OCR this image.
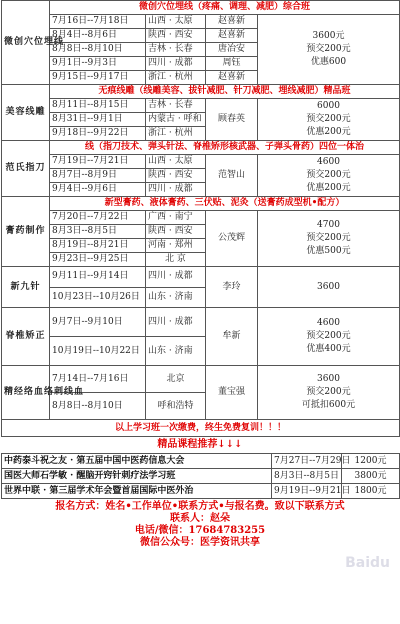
微创穴位埋线	微创穴位埋线（疼痛、调理、减肥）综合班			
	7月16日--7月18日	山西 · 太原	赵喜新	3600元
预交200元
优惠600

	8月4日--8月6日	陕西 · 西安	赵喜新	
	8月8日--8月10日	吉林 · 长春	唐冶安	
	9月1日--9月3日	四川 · 成都	周钰	
	9月15日--9月17日	浙江 · 杭州	赵喜新	
美容线雕	无痕线雕（线雕美容、拔针减肥、针刀减肥、埋线减肥）精品班			
	8月11日--8月15日	吉林 · 长春	顾春英	6000
预交200元
优惠200元

	8月31日--9月1日	内蒙古 · 呼和		
	9月18日--9月22日	浙江 · 杭州		
范氏指刀	线（指刀技术、弹头针法、脊椎矫形核武器、子弹头骨药）四位一体治			
	7月19日--7月21日	山西 · 太原	范智山	4600
预交200元
优惠200元

	8月7日--8月9日	陕西 · 西安		
	9月4日--9月6日	四川 · 成都		
膏药制作	新型膏药、液体膏药、三伏贴、泥灸（送膏药成型机•配方）			
	7月20日--7月22日	广西 · 南宁	公茂辉	4700
预交200元
优惠500元

	8月3日--8月5日	陕西 · 西安		
	8月19日--8月21日	河南 · 郑州		
	9月23日--9月25日	北 京		
新九针	9月11日--9月14日	四川 · 成都	李玲	3600

	10月23日--10月26日	山东 · 济南		
脊椎矫正	9月7日--9月10日	四川 · 成都	牟新	4600
预交200元
优惠400元

	10月19日--10月22日	山东 · 济南		
精经络血络刺线血	7月14日--7月16日	北京	董宝强	3600
预交200元
可抵扣600元

	8月8日--8月10日	呼和浩特		
以上学习班一次缴费，终生免费复训！！！				
精品课程推荐↓↓↓
中药泰斗祝之友 · 第五届中国中医药信息大会	7月27日--7月29日	1200元
国医大师石学敏 · 醒脑开窍针刺疗法学习班	8月3日--8月5日	3800元
世界中联 · 第三届学术年会暨首届国际中医外治	9月19日--9月21日	1800元
报名方式：姓名•工作单位•联系方式•与报名费。致以下联系方式
联系人：赵朵
电话/微信：17684783255
微信公众号：医学资讯共享
Baidu
